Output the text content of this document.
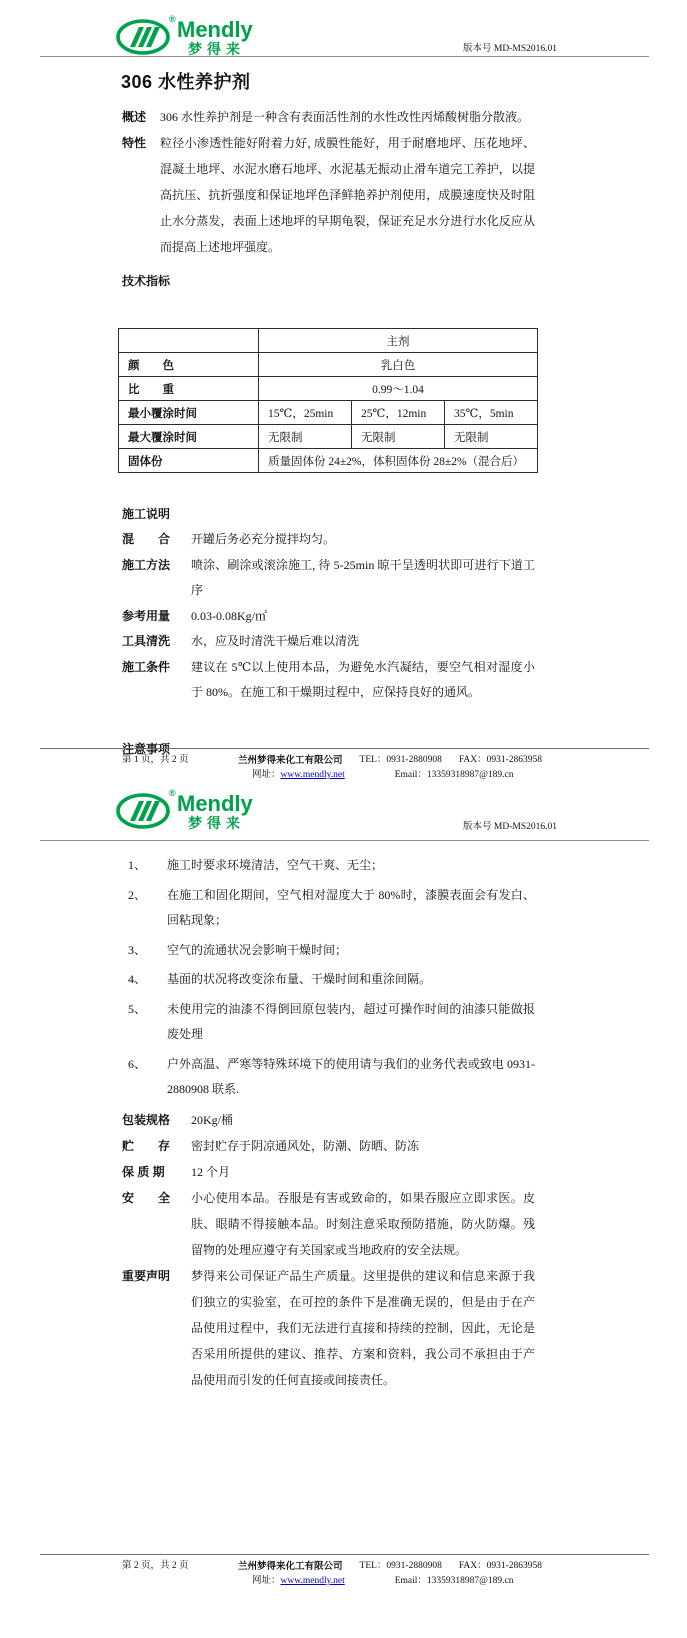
® Mendly
梦得来	版本号 MD-MS2016.01
306 水性养护剂
概述	306 水性养护剂是一种含有表面活性剂的水性改性丙烯酸树脂分散液。
特性	粒径小渗透性能好附着力好, 成膜性能好，用于耐磨地坪、压花地坪、混凝土地坪、水泥水磨石地坪、水泥基无振动止滑车道完工养护，以提高抗压、抗折强度和保证地坪色泽鲜艳养护剂使用，成膜速度快及时阻止水分蒸发，表面上述地坪的早期龟裂，保证充足水分进行水化反应从而提高上述地坪强度。
技术指标
	主剂		
颜　　色	乳白色		
比　　重	0.99～1.04		
最小覆涂时间	15℃，25min	25℃，12min	35℃，5min
最大覆涂时间	无限制	无限制	无限制
固体份	质量固体份 24±2%，体积固体份 28±2%（混合后）		
施工说明
混　　合	开罐后务必充分搅拌均匀。
施工方法	喷涂、刷涂或滚涂施工, 待 5-25min 晾干呈透明状即可进行下道工序
参考用量	0.03-0.08Kg/㎡
工具清洗	水，应及时清洗干燥后难以清洗
施工条件	建议在 5℃以上使用本品，为避免水汽凝结，要空气相对湿度小于 80%。在施工和干燥期过程中，应保持良好的通风。
注意事项
第 1 页，共 2 页	兰州梦得来化工有限公司 TEL：0931-2880908 FAX：0931-2863958
网址：www.mendly.net	Email：13359318987@189.cn
® Mendly
梦得来	版本号 MD-MS2016.01
1、	施工时要求环境清洁，空气干爽、无尘；
2、	在施工和固化期间，空气相对湿度大于 80%时，漆膜表面会有发白、回粘现象；
3、	空气的流通状况会影响干燥时间；
4、	基面的状况将改变涂布量、干燥时间和重涂间隔。
5、	未使用完的油漆不得倒回原包装内，超过可操作时间的油漆只能做报废处理
6、	户外高温、严寒等特殊环境下的使用请与我们的业务代表或致电 0931-2880908 联系.
包装规格	20Kg/桶
贮　　存	密封贮存于阴凉通风处，防潮、防晒、防冻
保 质 期	12 个月
安　　全	小心使用本品。吞服是有害或致命的，如果吞服应立即求医。皮肤、眼睛不得接触本品。时刻注意采取预防措施，防火防爆。残留物的处理应遵守有关国家或当地政府的安全法规。
重要声明	梦得来公司保证产品生产质量。这里提供的建议和信息来源于我们独立的实验室，在可控的条件下是准确无误的，但是由于在产品使用过程中，我们无法进行直接和持续的控制，因此，无论是否采用所提供的建议、推荐、方案和资料，我公司不承担由于产品使用而引发的任何直接或间接责任。
第 2 页，共 2 页	兰州梦得来化工有限公司 TEL：0931-2880908 FAX：0931-2863958
网址：www.mendly.net	Email：13359318987@189.cn
